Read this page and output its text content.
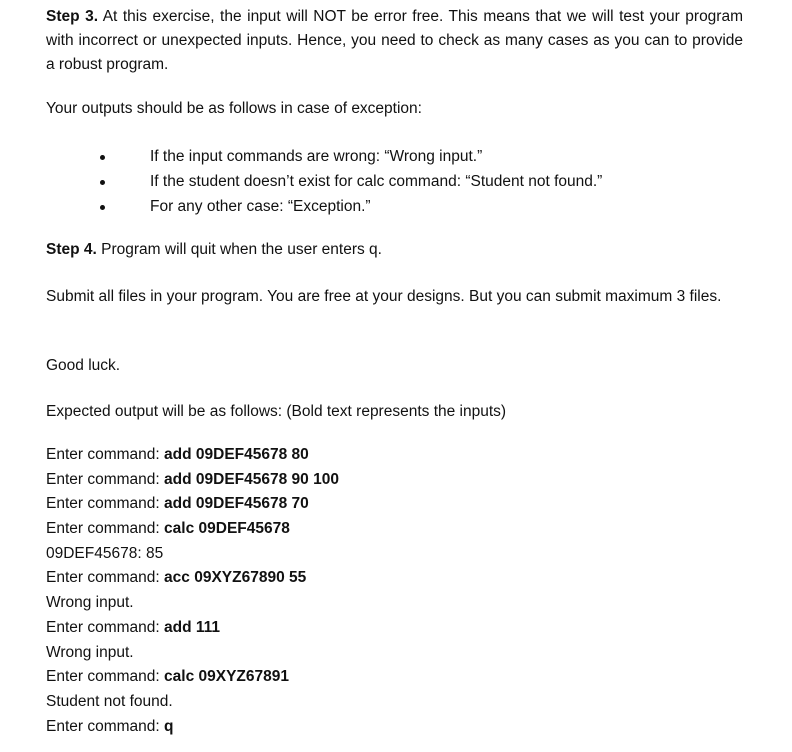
Step 3. At this exercise, the input will NOT be error free. This means that we will test your program with incorrect or unexpected inputs. Hence, you need to check as many cases as you can to provide a robust program.

Your outputs should be as follows in case of exception:

If the input commands are wrong: “Wrong input.”
If the student doesn’t exist for calc command: “Student not found.”
For any other case: “Exception.”

Step 4. Program will quit when the user enters q.

Submit all files in your program. You are free at your designs. But you can submit maximum 3 files.

Good luck.

Expected output will be as follows: (Bold text represents the inputs)

Enter command: add 09DEF45678 80
Enter command: add 09DEF45678 90 100
Enter command: add 09DEF45678 70
Enter command: calc 09DEF45678
09DEF45678: 85
Enter command: acc 09XYZ67890 55
Wrong input.
Enter command: add 111
Wrong input.
Enter command: calc 09XYZ67891
Student not found.
Enter command: q
